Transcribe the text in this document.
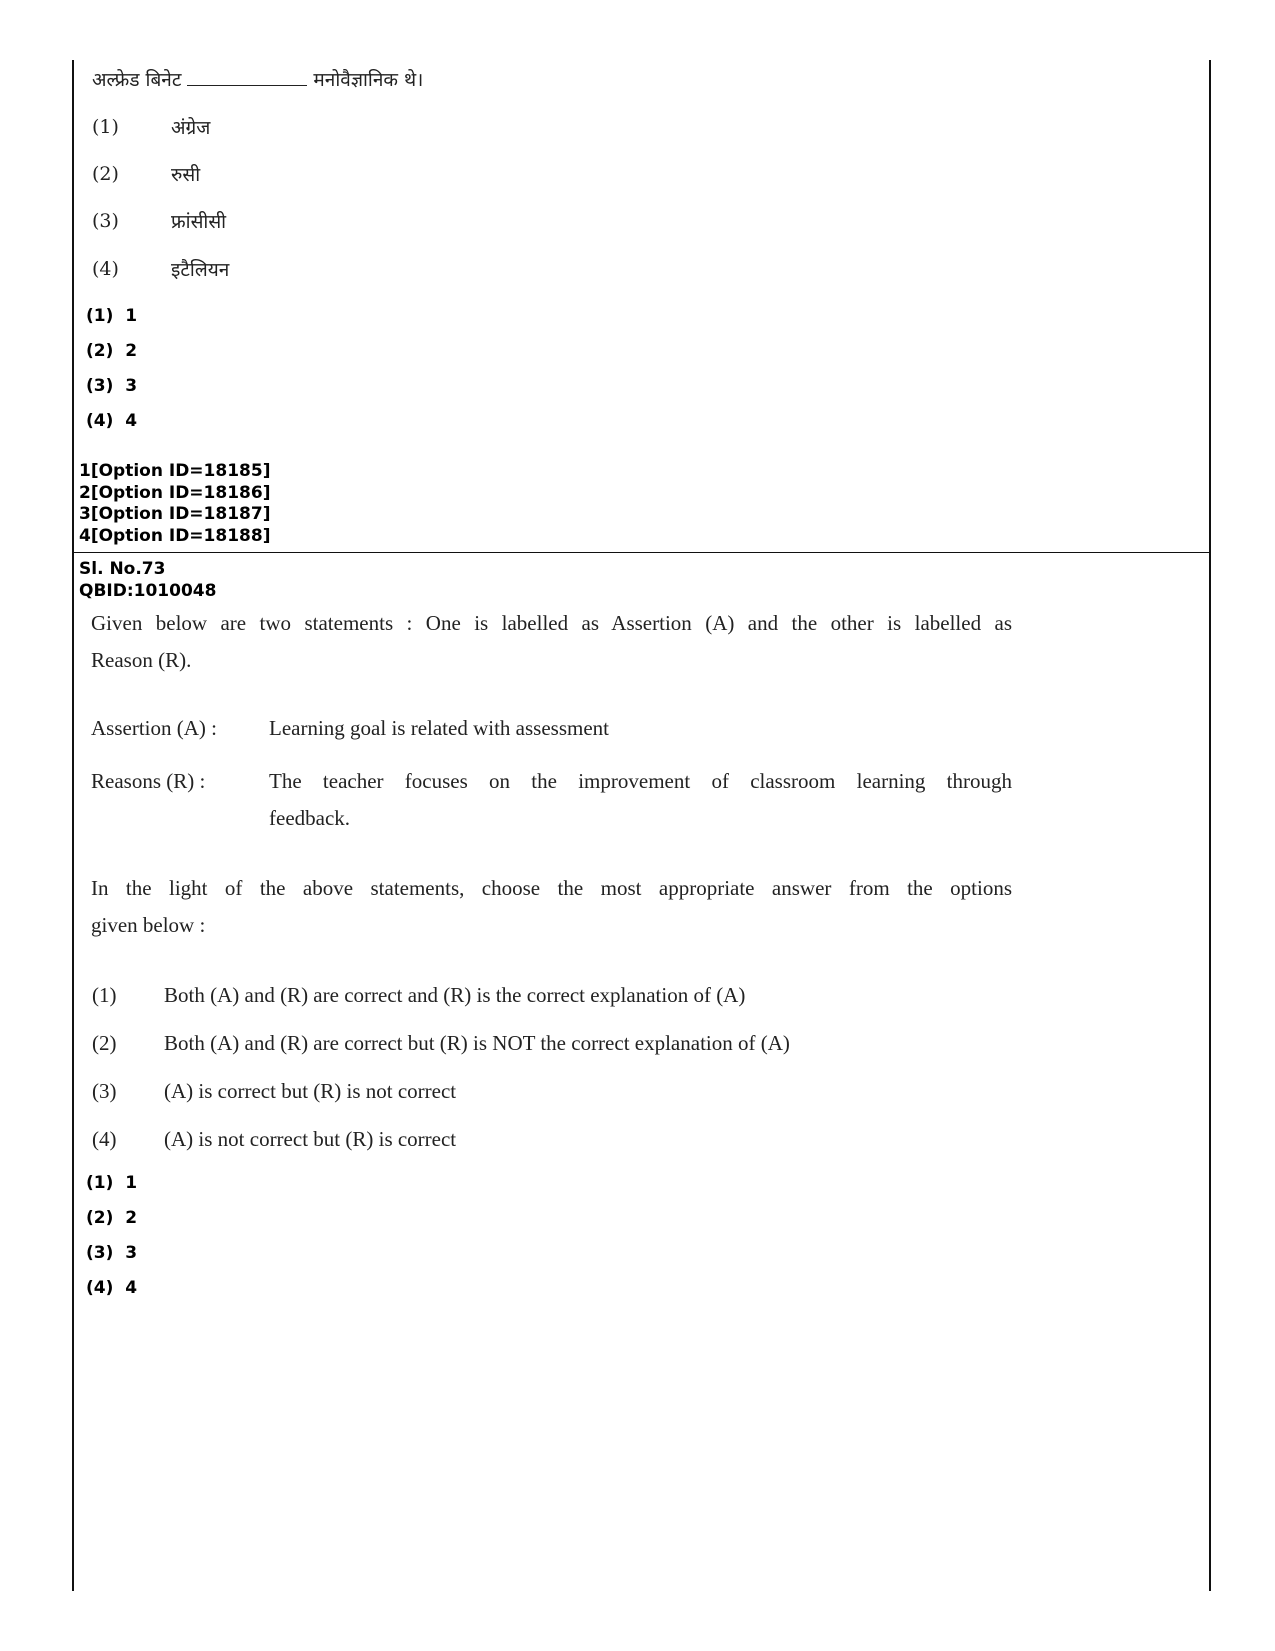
अल्फ्रेड बिनेट	मनोवैज्ञानिक थे।
(1)	अंग्रेज
(2)	रुसी
(3)	फ्रांसीसी
(4)	इटैलियन
(1) 1
(2) 2
(3) 3
(4) 4
1[Option ID=18185]
2[Option ID=18186]
3[Option ID=18187]
4[Option ID=18188]
Sl. No.73
QBID:1010048
Given below are two statements : One is labelled as Assertion (A) and the other is labelled as
Reason (R).
Assertion (A) : Learning goal is related with assessment
Reasons (R) :	The teacher focuses on the improvement of classroom learning through
feedback.
In the light of the above statements, choose the most appropriate answer from the options
given below :
(1) Both (A) and (R) are correct and (R) is the correct explanation of (A)
(2) Both (A) and (R) are correct but (R) is NOT the correct explanation of (A)
(3) (A) is correct but (R) is not correct
(4) (A) is not correct but (R) is correct
(1) 1
(2) 2
(3) 3
(4) 4
